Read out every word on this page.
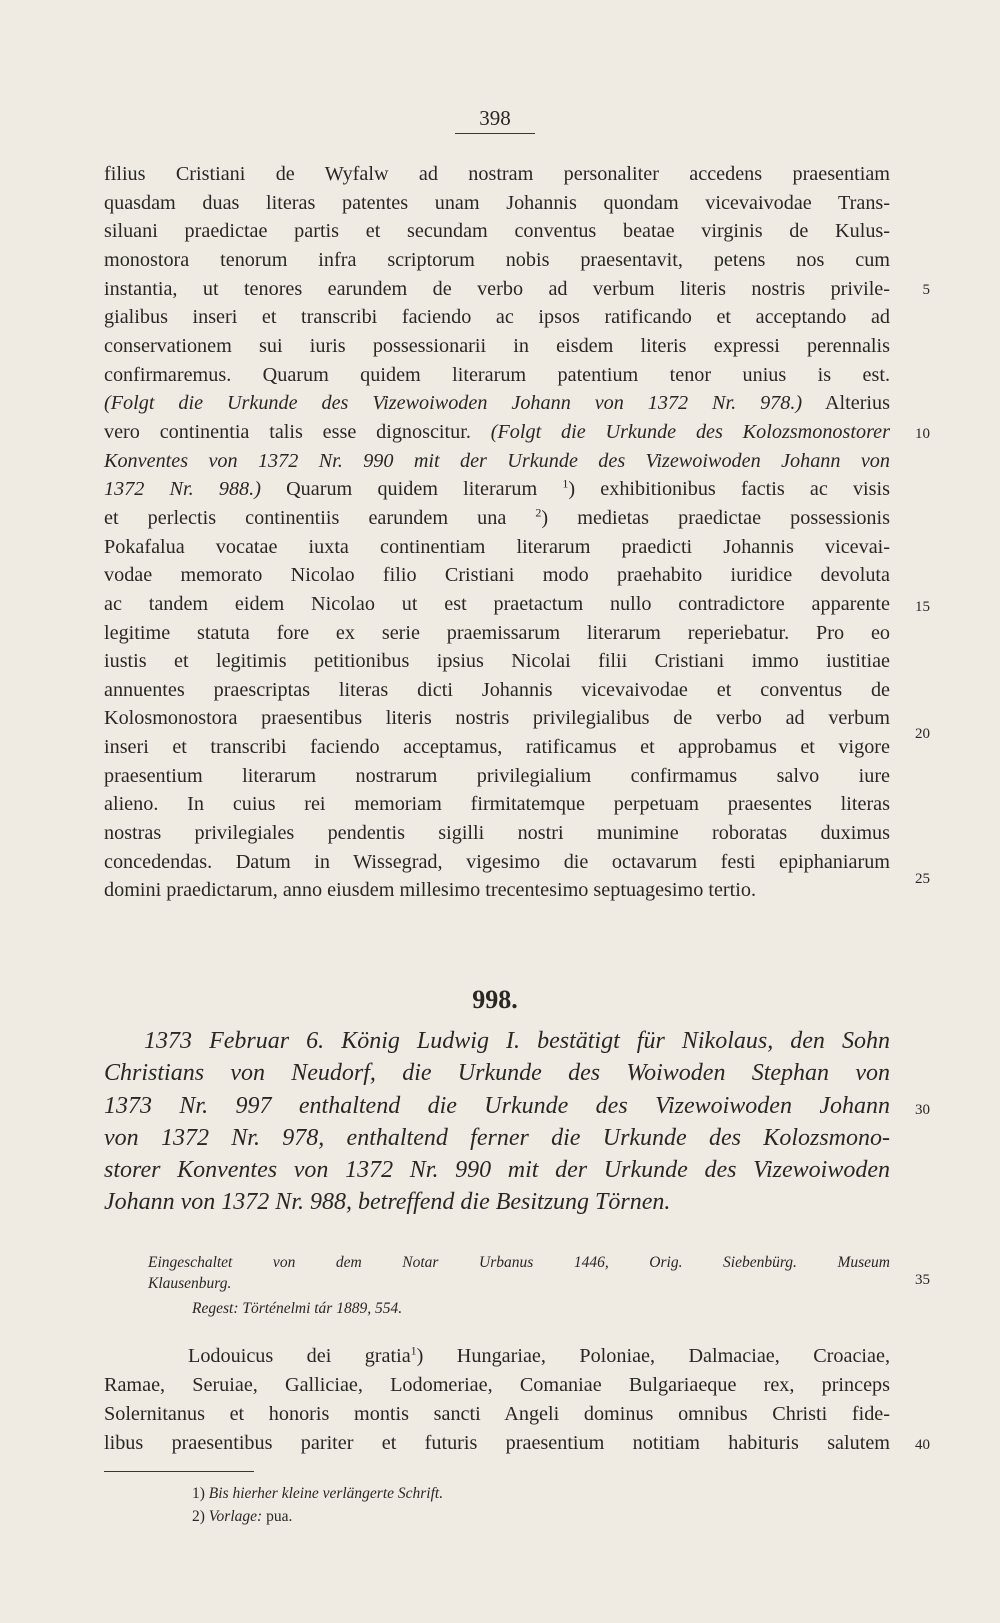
398
filius Cristiani de Wyfalw ad nostram personaliter accedens praesentiam
quasdam duas literas patentes unam Johannis quondam vicevaivodae Trans-
siluani praedictae partis et secundam conventus beatae virginis de Kulus-
monostora tenorum infra scriptorum nobis praesentavit, petens nos cum
instantia, ut tenores earundem de verbo ad verbum literis nostris privile-
gialibus inseri et transcribi faciendo ac ipsos ratificando et acceptando ad
conservationem sui iuris possessionarii in eisdem literis expressi perennalis
confirmaremus. Quarum quidem literarum patentium tenor unius is est.
(Folgt die Urkunde des Vizewoiwoden Johann von 1372 Nr. 978.) Alterius
vero continentia talis esse dignoscitur. (Folgt die Urkunde des Kolozsmonostorer
Konventes von 1372 Nr. 990 mit der Urkunde des Vizewoiwoden Johann von
1372 Nr. 988.) Quarum quidem literarum $^1$) exhibitionibus factis ac visis
et perlectis continentiis earundem una $^2$) medietas praedictae possessionis
Pokafalua vocatae iuxta continentiam literarum praedicti Johannis vicevai-
vodae memorato Nicolao filio Cristiani modo praehabito iuridice devoluta
ac tandem eidem Nicolao ut est praetactum nullo contradictore apparente
legitime statuta fore ex serie praemissarum literarum reperiebatur. Pro eo
iustis et legitimis petitionibus ipsius Nicolai filii Cristiani immo iustitiae
annuentes praescriptas literas dicti Johannis vicevaivodae et conventus de
Kolosmonostora praesentibus literis nostris privilegialibus de verbo ad verbum
inseri et transcribi faciendo acceptamus, ratificamus et approbamus et vigore
praesentium literarum nostrarum privilegialium confirmamus salvo iure
alieno. In cuius rei memoriam firmitatemque perpetuam praesentes literas
nostras privilegiales pendentis sigilli nostri munimine roboratas duximus
concedendas. Datum in Wissegrad, vigesimo die octavarum festi epiphaniarum
domini praedictarum, anno eiusdem millesimo trecentesimo septuagesimo tertio.
5
10
15
20
25
30
35
40
998.
1373 Februar 6. König Ludwig I. bestätigt für Nikolaus, den Sohn
Christians von Neudorf, die Urkunde des Woiwoden Stephan von
1373 Nr. 997 enthaltend die Urkunde des Vizewoiwoden Johann
von 1372 Nr. 978, enthaltend ferner die Urkunde des Kolozsmono-
storer Konventes von 1372 Nr. 990 mit der Urkunde des Vizewoiwoden
Johann von 1372 Nr. 988, betreffend die Besitzung Törnen.
Eingeschaltet von dem Notar Urbanus 1446, Orig. Siebenbürg. Museum
Klausenburg.
Regest: Történelmi tár 1889, 554.
Lodouicus dei gratia$^1$) Hungariae, Poloniae, Dalmaciae, Croaciae,
Ramae, Seruiae, Galliciae, Lodomeriae, Comaniae Bulgariaeque rex, princeps
Solernitanus et honoris montis sancti Angeli dominus omnibus Christi fide-
libus praesentibus pariter et futuris praesentium notitiam habituris salutem
1) Bis hierher kleine verlängerte Schrift.
2) Vorlage: pua.
